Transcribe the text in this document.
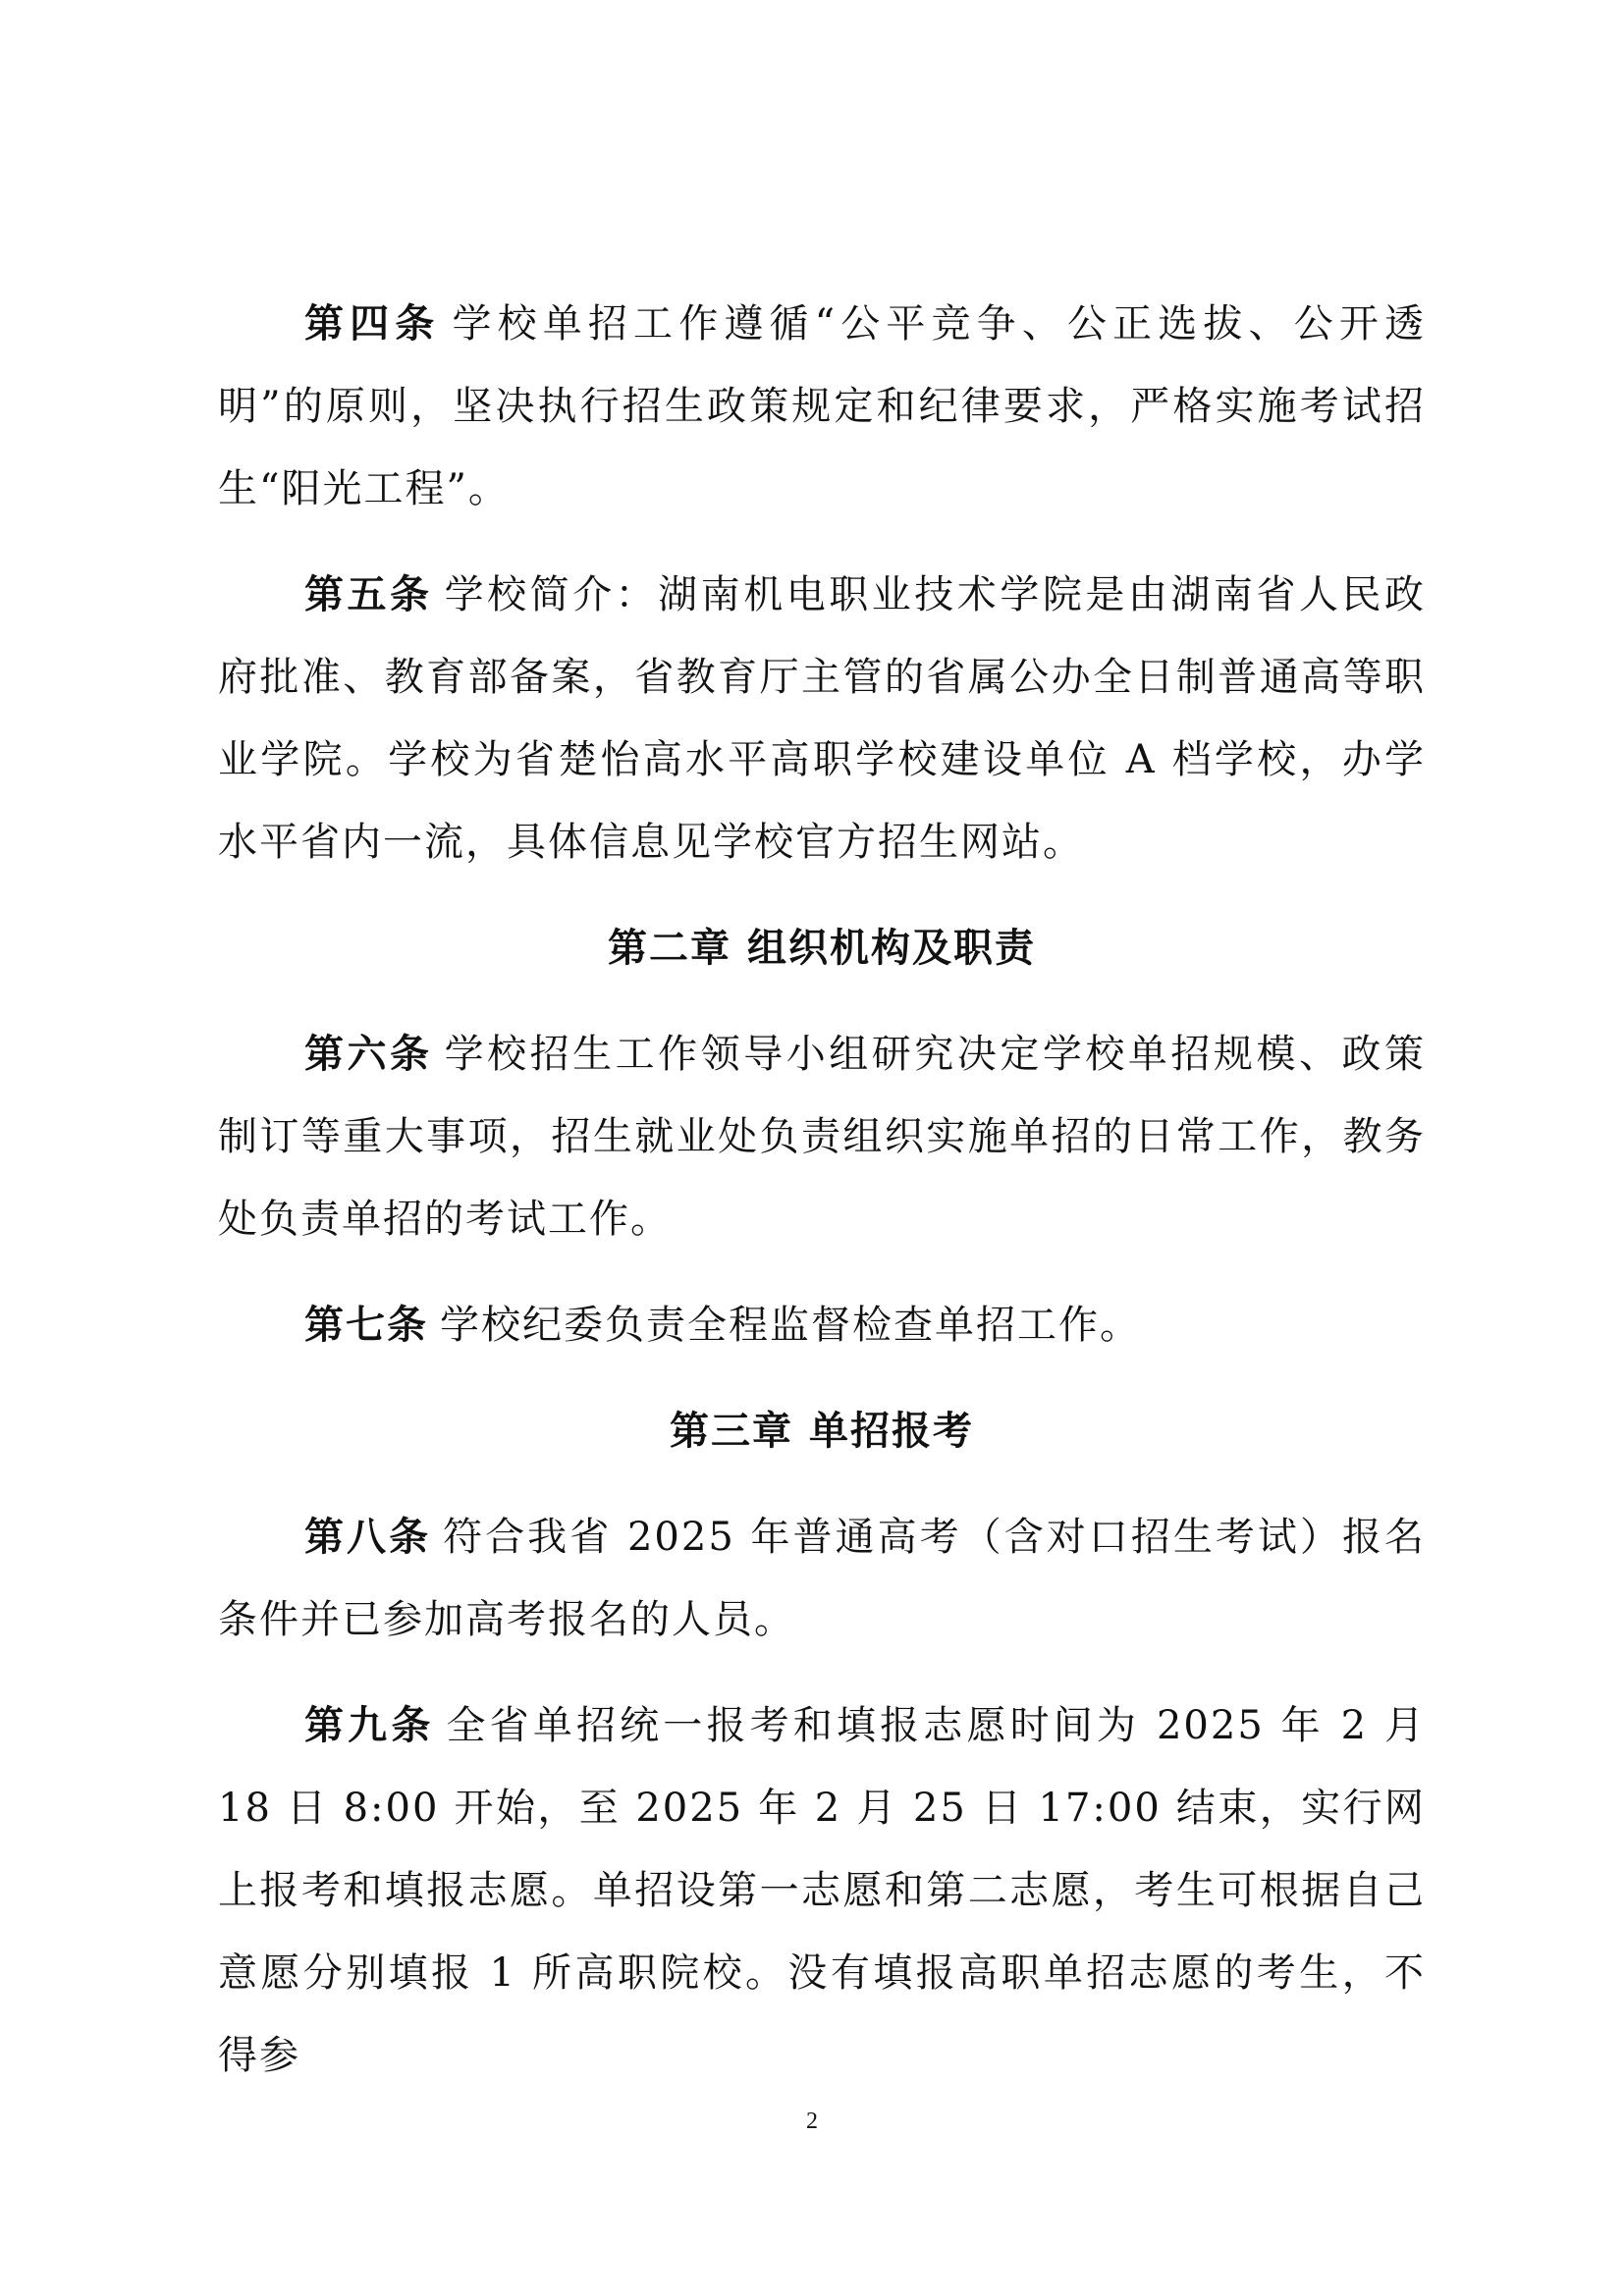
第四条 学校单招工作遵循“公平竞争、公正选拔、公开透明”的原则，坚决执行招生政策规定和纪律要求，严格实施考试招生“阳光工程”。

第五条 学校简介：湖南机电职业技术学院是由湖南省人民政府批准、教育部备案，省教育厅主管的省属公办全日制普通高等职业学院。学校为省楚怡高水平高职学校建设单位 A 档学校，办学水平省内一流，具体信息见学校官方招生网站。

第二章 组织机构及职责

第六条 学校招生工作领导小组研究决定学校单招规模、政策制订等重大事项，招生就业处负责组织实施单招的日常工作，教务处负责单招的考试工作。

第七条 学校纪委负责全程监督检查单招工作。

第三章 单招报考

第八条 符合我省 2025 年普通高考（含对口招生考试）报名条件并已参加高考报名的人员。

第九条 全省单招统一报考和填报志愿时间为 2025 年 2 月 18 日 8:00 开始，至 2025 年 2 月 25 日 17:00 结束，实行网上报考和填报志愿。单招设第一志愿和第二志愿，考生可根据自己意愿分别填报 1 所高职院校。没有填报高职单招志愿的考生，不得参

2
